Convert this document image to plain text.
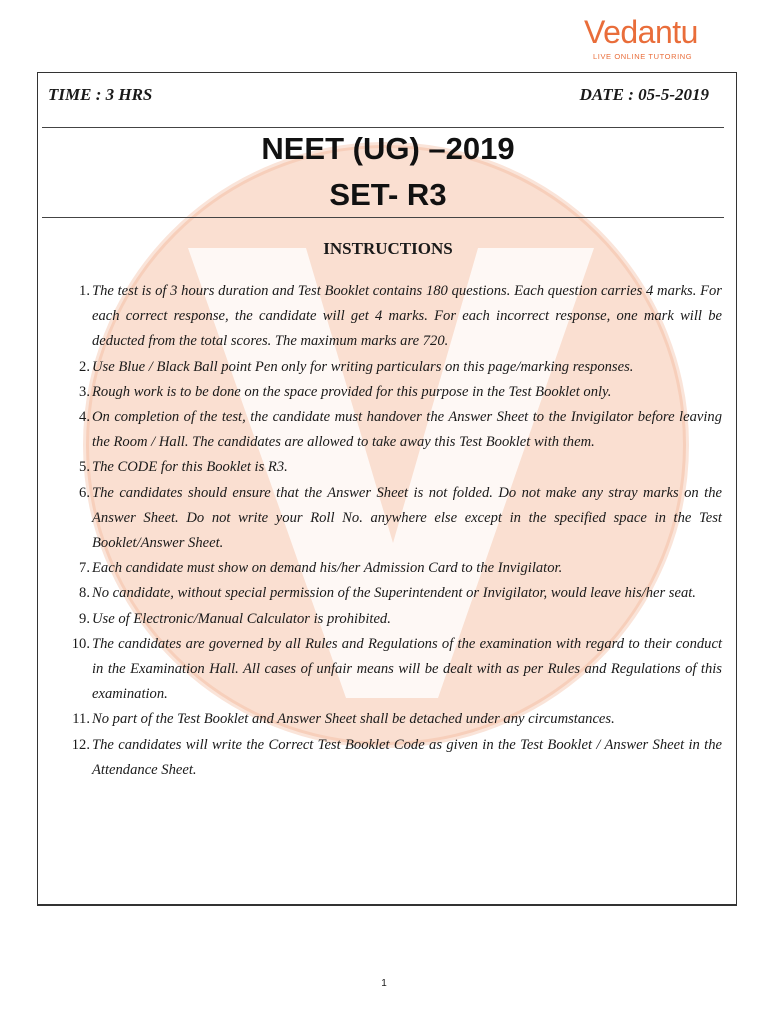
Vedantu
LIVE ONLINE TUTORING
TIME : 3 HRS	DATE : 05-5-2019
NEET (UG) –2019
SET- R3
INSTRUCTIONS
1. The test is of 3 hours duration and Test Booklet contains 180 questions. Each question carries 4 marks. For each correct response, the candidate will get 4 marks. For each incorrect response, one mark will be deducted from the total scores. The maximum marks are 720.
2. Use Blue / Black Ball point Pen only for writing particulars on this page/marking responses.
3. Rough work is to be done on the space provided for this purpose in the Test Booklet only.
4. On completion of the test, the candidate must handover the Answer Sheet to the Invigilator before leaving the Room / Hall. The candidates are allowed to take away this Test Booklet with them.
5. The CODE for this Booklet is R3.
6. The candidates should ensure that the Answer Sheet is not folded. Do not make any stray marks on the Answer Sheet. Do not write your Roll No. anywhere else except in the specified space in the Test Booklet/Answer Sheet.
7. Each candidate must show on demand his/her Admission Card to the Invigilator.
8. No candidate, without special permission of the Superintendent or Invigilator, would leave his/her seat.
9. Use of Electronic/Manual Calculator is prohibited.
10. The candidates are governed by all Rules and Regulations of the examination with regard to their conduct in the Examination Hall. All cases of unfair means will be dealt with as per Rules and Regulations of this examination.
11. No part of the Test Booklet and Answer Sheet shall be detached under any circumstances.
12. The candidates will write the Correct Test Booklet Code as given in the Test Booklet / Answer Sheet in the Attendance Sheet.
1
